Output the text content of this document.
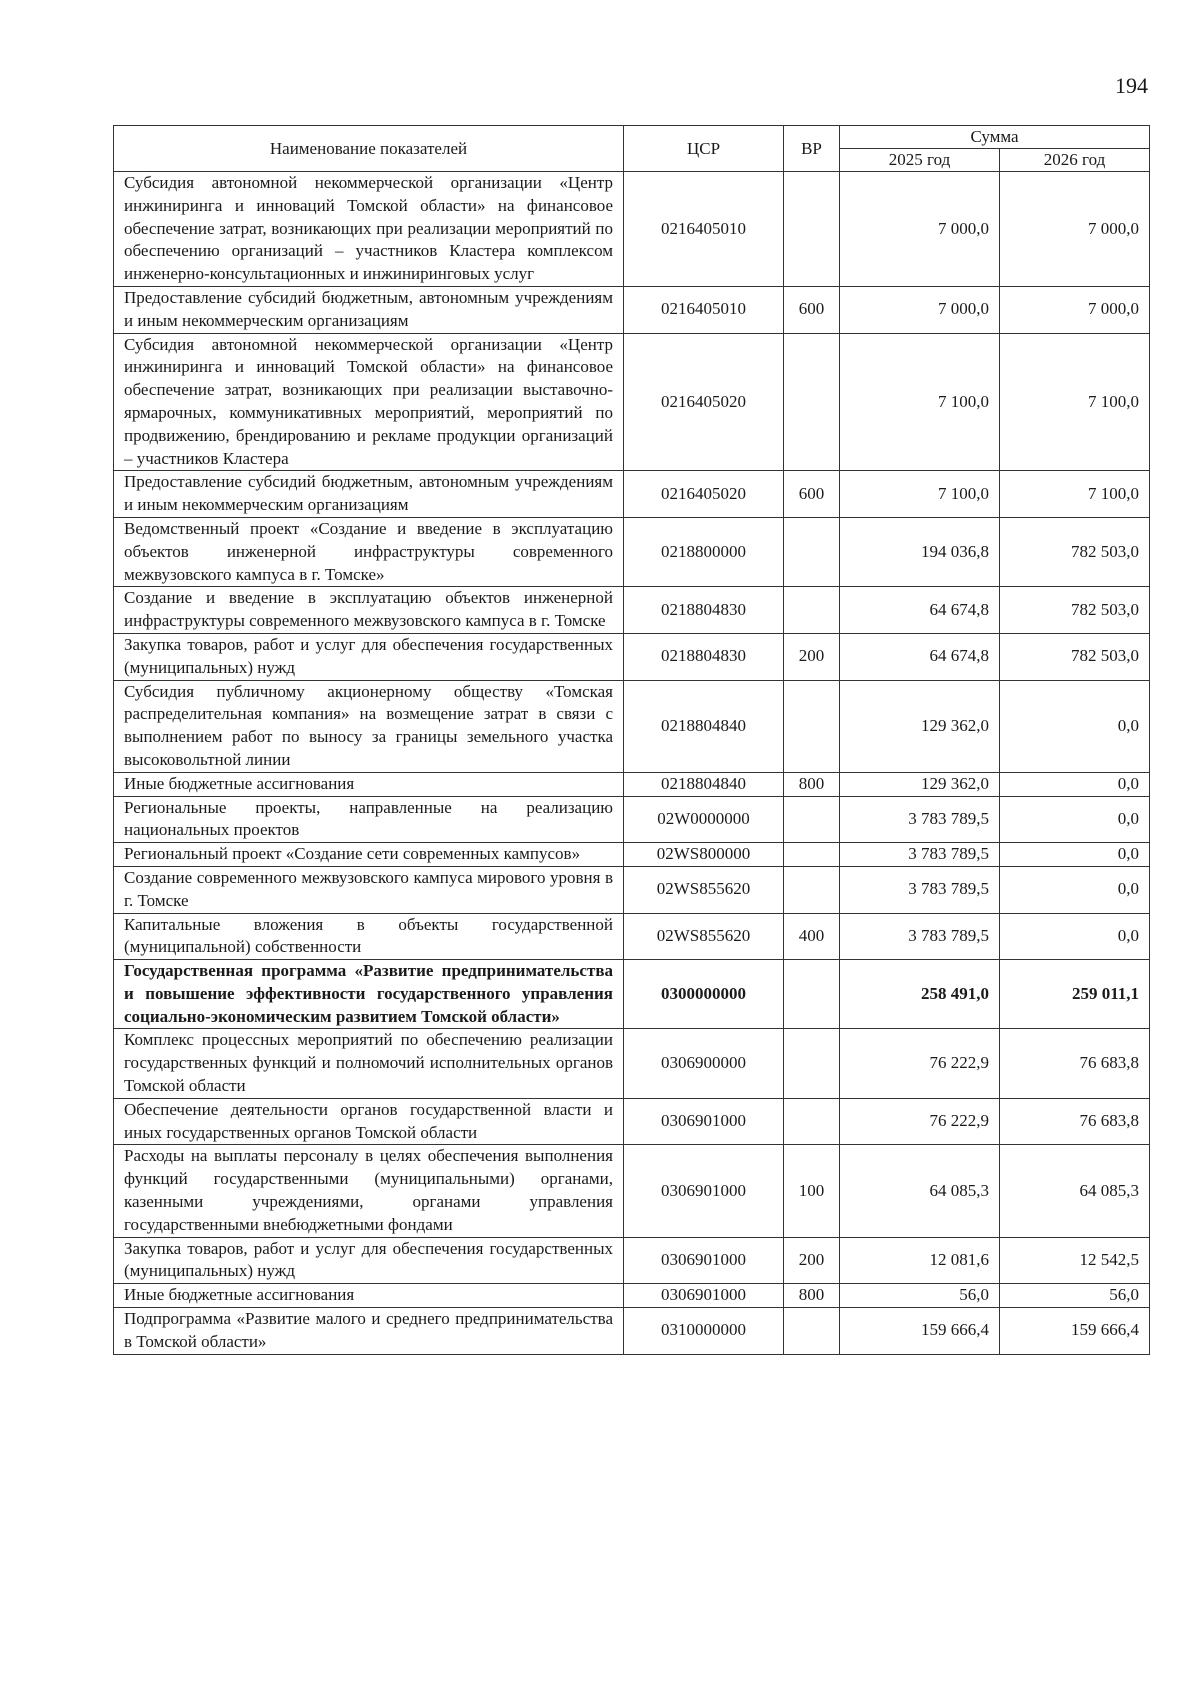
194
Наименование показателей	ЦСР	ВР	Сумма	
			2025 год	2026 год
Субсидия автономной некоммерческой организации «Центр инжиниринга и инноваций Томской области» на финансовое обеспечение затрат, возникающих при реализации мероприятий по обеспечению организаций – участников Кластера комплексом инженерно-консультационных и инжиниринговых услуг	0216405010		7 000,0	7 000,0
Предоставление субсидий бюджетным, автономным учреждениям и иным некоммерческим организациям	0216405010	600	7 000,0	7 000,0
Субсидия автономной некоммерческой организации «Центр инжиниринга и инноваций Томской области» на финансовое обеспечение затрат, возникающих при реализации выставочно-ярмарочных, коммуникативных мероприятий, мероприятий по продвижению, брендированию и рекламе продукции организаций – участников Кластера	0216405020		7 100,0	7 100,0
Предоставление субсидий бюджетным, автономным учреждениям и иным некоммерческим организациям	0216405020	600	7 100,0	7 100,0
Ведомственный проект «Создание и введение в эксплуатацию объектов инженерной инфраструктуры современного межвузовского кампуса в г. Томске»	0218800000		194 036,8	782 503,0
Создание и введение в эксплуатацию объектов инженерной инфраструктуры современного межвузовского кампуса в г. Томске	0218804830		64 674,8	782 503,0
Закупка товаров, работ и услуг для обеспечения государственных (муниципальных) нужд	0218804830	200	64 674,8	782 503,0
Субсидия публичному акционерному обществу «Томская распределительная компания» на возмещение затрат в связи с выполнением работ по выносу за границы земельного участка высоковольтной линии	0218804840		129 362,0	0,0
Иные бюджетные ассигнования	0218804840	800	129 362,0	0,0
Региональные проекты, направленные на реализацию национальных проектов	02W0000000		3 783 789,5	0,0
Региональный проект «Создание сети современных кампусов»	02WS800000		3 783 789,5	0,0
Создание современного межвузовского кампуса мирового уровня в г. Томске	02WS855620		3 783 789,5	0,0
Капитальные вложения в объекты государственной (муниципальной) собственности	02WS855620	400	3 783 789,5	0,0
Государственная программа «Развитие предпринимательства и повышение эффективности государственного управления социально-экономическим развитием Томской области»	0300000000		258 491,0	259 011,1
Комплекс процессных мероприятий по обеспечению реализации государственных функций и полномочий исполнительных органов Томской области	0306900000		76 222,9	76 683,8
Обеспечение деятельности органов государственной власти и иных государственных органов Томской области	0306901000		76 222,9	76 683,8
Расходы на выплаты персоналу в целях обеспечения выполнения функций государственными (муниципальными) органами, казенными учреждениями, органами управления государственными внебюджетными фондами	0306901000	100	64 085,3	64 085,3
Закупка товаров, работ и услуг для обеспечения государственных (муниципальных) нужд	0306901000	200	12 081,6	12 542,5
Иные бюджетные ассигнования	0306901000	800	56,0	56,0
Подпрограмма «Развитие малого и среднего предпринимательства в Томской области»	0310000000		159 666,4	159 666,4
